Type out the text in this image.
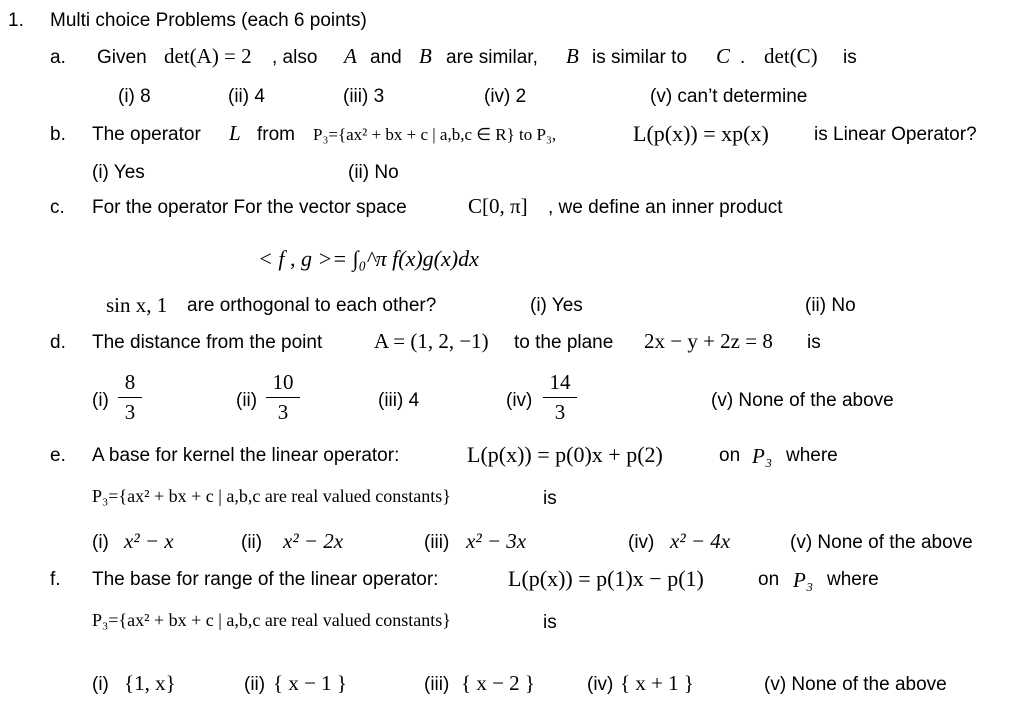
1. Multi choice Problems (each 6 points)
a. Given det(A) = 2 , also A and B are similar, B is similar to C . det(C) is
(i) 8	(ii) 4	(iii) 3	(iv) 2	(v) can’t determine
b. The operator L from P₃={ax² + bx + c | a,b,c ∈ R} to P₃,	L(p(x)) = xp(x) is Linear Operator?
(i) Yes	(ii) No
c. For the operator For the vector space	C[0, π] , we define an inner product
< f , g >= ∫₀^π f(x)g(x)dx
sin x, 1 are orthogonal to each other?	(i) Yes	(ii) No
d. The distance from the point A = (1, 2, −1) to the plane 2x − y + 2z = 8 is
(i)
8
3	(ii)
10
3	(iii) 4	(iv)
14
3	(v) None of the above
e. A base for kernel the linear operator:	L(p(x)) = p(0)x + p(2)	on P₃ where
P₃={ax² + bx + c | a,b,c are real valued constants}	is
(i) x² − x	(ii) x² − 2x	(iii) x² − 3x	(iv) x² − 4x	(v) None of the above
f. The base for range of the linear operator:	L(p(x)) = p(1)x − p(1)	on P₃ where
P₃={ax² + bx + c | a,b,c are real valued constants}	is
(i) {1, x}	(ii) { x − 1 }	(iii) { x − 2 }	(iv) { x + 1 }	(v) None of the above
